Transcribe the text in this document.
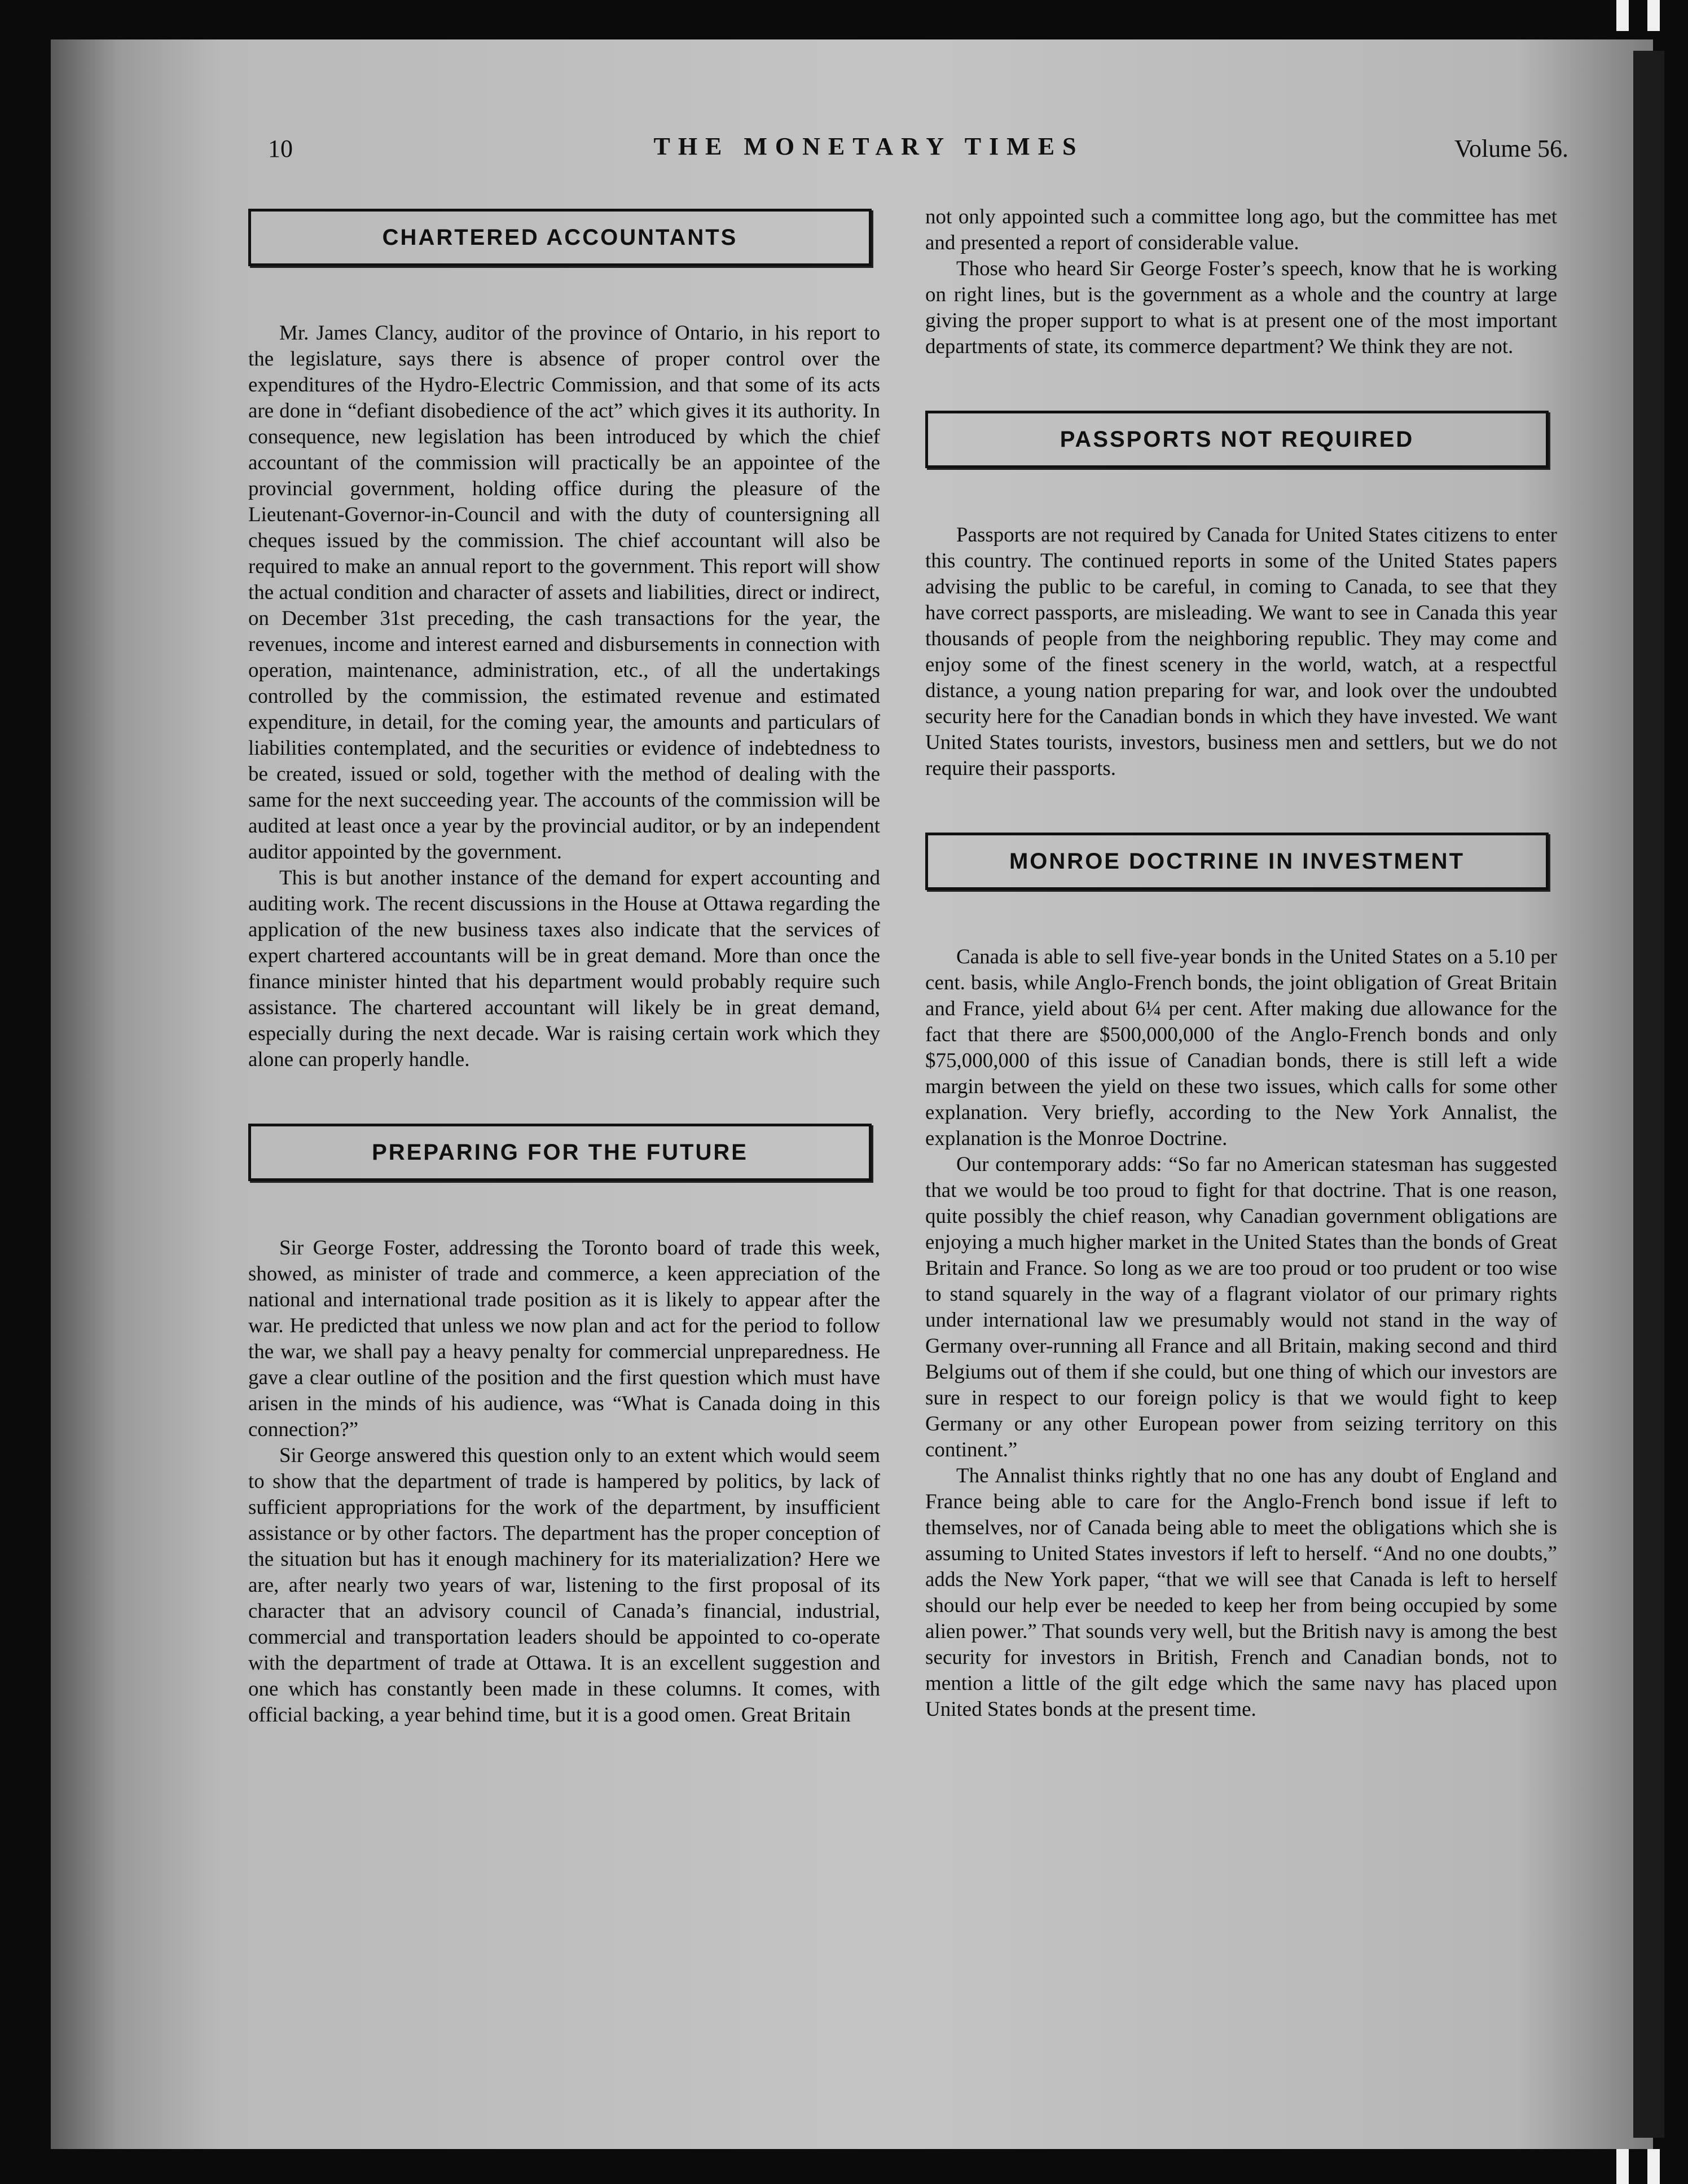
10	THE MONETARY TIMES	Volume 56.
CHARTERED ACCOUNTANTS

Mr. James Clancy, auditor of the province of Ontario, in his report to the legislature, says there is absence of proper control over the expenditures of the Hydro-Electric Commission, and that some of its acts are done in “defiant disobedience of the act” which gives it its authority. In consequence, new legislation has been introduced by which the chief accountant of the commission will practically be an appointee of the provincial government, holding office during the pleasure of the Lieutenant-Governor-in-Council and with the duty of countersigning all cheques issued by the commission. The chief accountant will also be required to make an annual report to the government. This report will show the actual condition and character of assets and liabilities, direct or indirect, on December 31st preceding, the cash transactions for the year, the revenues, income and interest earned and disbursements in connection with operation, maintenance, administration, etc., of all the undertakings controlled by the commission, the estimated revenue and estimated expenditure, in detail, for the coming year, the amounts and particulars of liabilities contemplated, and the securities or evidence of indebtedness to be created, issued or sold, together with the method of dealing with the same for the next succeeding year. The accounts of the commission will be audited at least once a year by the provincial auditor, or by an independent auditor appointed by the government.

This is but another instance of the demand for expert accounting and auditing work. The recent discussions in the House at Ottawa regarding the application of the new business taxes also indicate that the services of expert chartered accountants will be in great demand. More than once the finance minister hinted that his department would probably require such assistance. The chartered accountant will likely be in great demand, especially during the next decade. War is raising certain work which they alone can properly handle.

PREPARING FOR THE FUTURE

Sir George Foster, addressing the Toronto board of trade this week, showed, as minister of trade and commerce, a keen appreciation of the national and international trade position as it is likely to appear after the war. He predicted that unless we now plan and act for the period to follow the war, we shall pay a heavy penalty for commercial unpreparedness. He gave a clear outline of the position and the first question which must have arisen in the minds of his audience, was “What is Canada doing in this connection?”

Sir George answered this question only to an extent which would seem to show that the department of trade is hampered by politics, by lack of sufficient appropriations for the work of the department, by insufficient assistance or by other factors. The department has the proper conception of the situation but has it enough machinery for its materialization? Here we are, after nearly two years of war, listening to the first proposal of its character that an advisory council of Canada’s financial, industrial, commercial and transportation leaders should be appointed to co-operate with the department of trade at Ottawa. It is an excellent suggestion and one which has constantly been made in these columns. It comes, with official backing, a year behind time, but it is a good omen. Great Britain

not only appointed such a committee long ago, but the committee has met and presented a report of considerable value.

Those who heard Sir George Foster’s speech, know that he is working on right lines, but is the government as a whole and the country at large giving the proper support to what is at present one of the most important departments of state, its commerce department? We think they are not.

PASSPORTS NOT REQUIRED

Passports are not required by Canada for United States citizens to enter this country. The continued reports in some of the United States papers advising the public to be careful, in coming to Canada, to see that they have correct passports, are misleading. We want to see in Canada this year thousands of people from the neighboring republic. They may come and enjoy some of the finest scenery in the world, watch, at a respectful distance, a young nation preparing for war, and look over the undoubted security here for the Canadian bonds in which they have invested. We want United States tourists, investors, business men and settlers, but we do not require their passports.

MONROE DOCTRINE IN INVESTMENT

Canada is able to sell five-year bonds in the United States on a 5.10 per cent. basis, while Anglo-French bonds, the joint obligation of Great Britain and France, yield about 6¼ per cent. After making due allowance for the fact that there are $500,000,000 of the Anglo-French bonds and only $75,000,000 of this issue of Canadian bonds, there is still left a wide margin between the yield on these two issues, which calls for some other explanation. Very briefly, according to the New York Annalist, the explanation is the Monroe Doctrine.

Our contemporary adds: “So far no American statesman has suggested that we would be too proud to fight for that doctrine. That is one reason, quite possibly the chief reason, why Canadian government obligations are enjoying a much higher market in the United States than the bonds of Great Britain and France. So long as we are too proud or too prudent or too wise to stand squarely in the way of a flagrant violator of our primary rights under international law we presumably would not stand in the way of Germany over-running all France and all Britain, making second and third Belgiums out of them if she could, but one thing of which our investors are sure in respect to our foreign policy is that we would fight to keep Germany or any other European power from seizing territory on this continent.”

The Annalist thinks rightly that no one has any doubt of England and France being able to care for the Anglo-French bond issue if left to themselves, nor of Canada being able to meet the obligations which she is assuming to United States investors if left to herself. “And no one doubts,” adds the New York paper, “that we will see that Canada is left to herself should our help ever be needed to keep her from being occupied by some alien power.” That sounds very well, but the British navy is among the best security for investors in British, French and Canadian bonds, not to mention a little of the gilt edge which the same navy has placed upon United States bonds at the present time.
